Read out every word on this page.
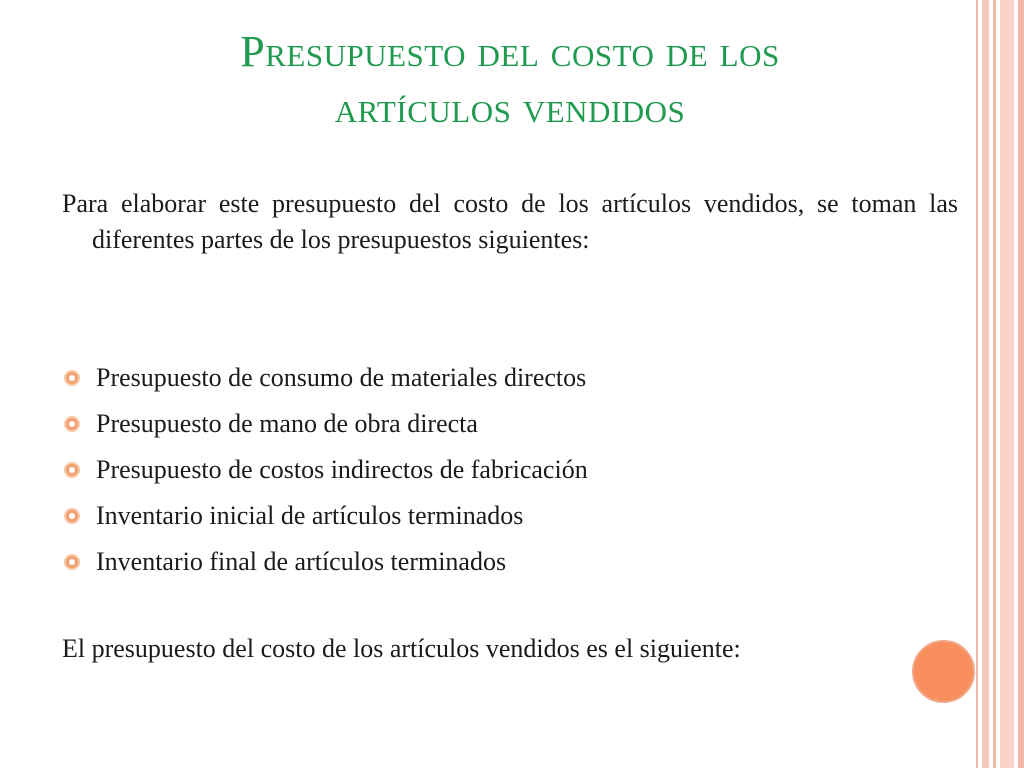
Presupuesto del costo de los
artículos vendidos
Para elaborar este presupuesto del costo de los artículos vendidos, se toman las diferentes partes de los presupuestos siguientes:
Presupuesto de consumo de materiales directos
Presupuesto de mano de obra directa
Presupuesto de costos indirectos de fabricación
Inventario inicial de artículos terminados
Inventario final de artículos terminados
El presupuesto del costo de los artículos vendidos es el siguiente:
